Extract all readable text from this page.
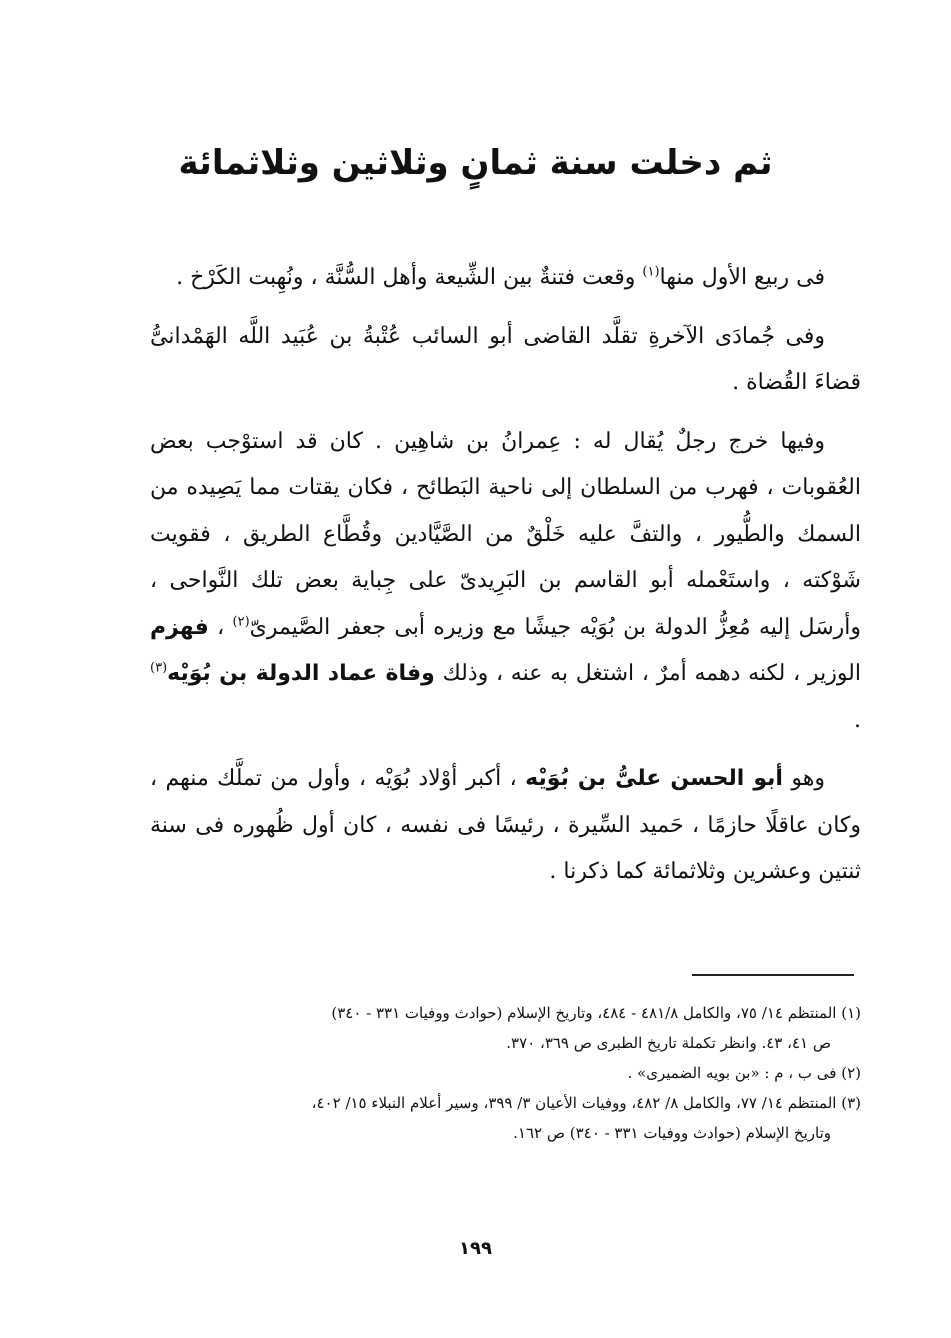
ثم دخلت سنة ثمانٍ وثلاثين وثلاثمائة

فى ربيع الأول منها$^{(١)}$ وقعت فتنةٌ بين الشِّيعة وأهل السُّنَّة ، ونُهِبت الكَرْخ .

وفى جُمادَى الآخرةِ تقلَّد القاضى أبو السائب عُتْبةُ بن عُبَيد اللَّه الهَمْدانىُّ قضاءَ القُضاة .

وفيها خرج رجلٌ يُقال له : عِمرانُ بن شاهِين . كان قد استوْجب بعض العُقوبات ، فهرب من السلطان إلى ناحية البَطائح ، فكان يقتات مما يَصِيده من السمك والطُّيور ، والتفَّ عليه خَلْقٌ من الصَّيَّادين وقُطَّاع الطريق ، فقويت شَوْكته ، واستَعْمله أبو القاسم بن البَرِيدىّ على جِباية بعض تلك النَّواحى ، وأرسَل إليه مُعِزُّ الدولة بن بُوَيْه جيشًا مع وزيره أبى جعفر الصَّيمرىّ$^{(٢)}$ ، فهزم الوزير ، لكنه دهمه أمرٌ ، اشتغل به عنه ، وذلك وفاة عماد الدولة بن بُوَيْه$^{(٣)}$ .

وهو أبو الحسن علىُّ بن بُوَيْه ، أكبر أوْلاد بُوَيْه ، وأول من تملَّك منهم ، وكان عاقلًا حازمًا ، حَميد السِّيرة ، رئيسًا فى نفسه ، كان أول ظُهوره فى سنة ثنتين وعشرين وثلاثمائة كما ذكرنا .

(١) المنتظم ١٤/ ٧٥، والكامل ٤٨١/٨ - ٤٨٤، وتاريخ الإسلام (حوادث ووفيات ٣٣١ - ٣٤٠)
ص ٤١، ٤٣. وانظر تكملة تاريخ الطبرى ص ٣٦٩، ٣٧٠.

(٢) فى ب ، م : «بن بويه الضميرى» .

(٣) المنتظم ١٤/ ٧٧، والكامل ٨/ ٤٨٢، ووفيات الأعيان ٣/ ٣٩٩، وسير أعلام النبلاء ١٥/ ٤٠٢،
وتاريخ الإسلام (حوادث ووفيات ٣٣١ - ٣٤٠) ص ١٦٢.

١٩٩
